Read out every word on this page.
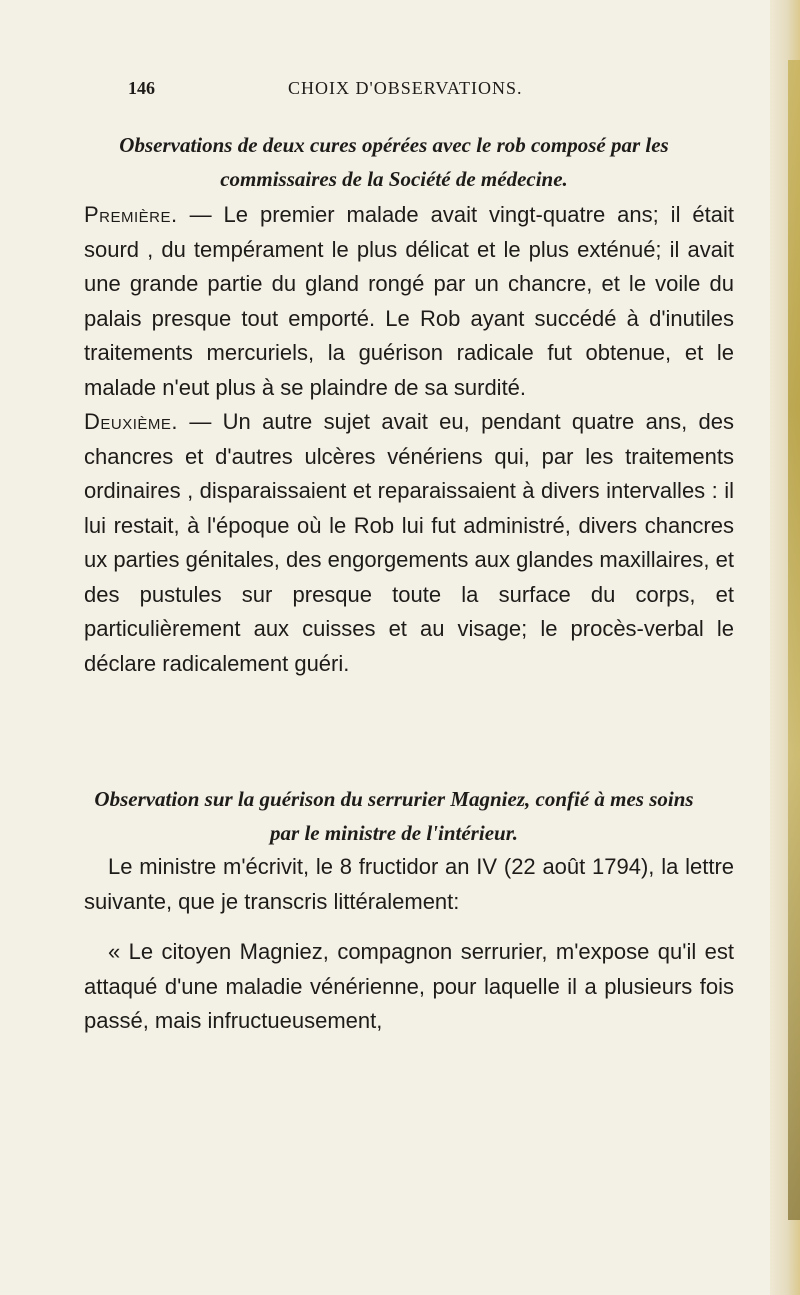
146	CHOIX D'OBSERVATIONS.
Observations de deux cures opérées avec le rob composé par les commissaires de la Société de médecine.

Première. — Le premier malade avait vingt-quatre ans; il était sourd , du tempérament le plus délicat et le plus exténué; il avait une grande partie du gland rongé par un chancre, et le voile du palais presque tout emporté. Le Rob ayant succédé à d'inutiles traitements mercuriels, la guérison radicale fut obtenue, et le malade n'eut plus à se plaindre de sa surdité.

Deuxième. — Un autre sujet avait eu, pendant quatre ans, des chancres et d'autres ulcères vénériens qui, par les traitements ordinaires , disparaissaient et reparaissaient à divers intervalles : il lui restait, à l'époque où le Rob lui fut administré, divers chancres ux parties génitales, des engorgements aux glandes maxillaires, et des pustules sur presque toute la surface du corps, et particulièrement aux cuisses et au visage; le procès-verbal le déclare radicalement guéri.

Observation sur la guérison du serrurier Magniez, confié à mes soins par le ministre de l'intérieur.

Le ministre m'écrivit, le 8 fructidor an IV (22 août 1794), la lettre suivante, que je transcris littéralement:

« Le citoyen Magniez, compagnon serrurier, m'expose qu'il est attaqué d'une maladie vénérienne, pour laquelle il a plusieurs fois passé, mais infructueusement,
